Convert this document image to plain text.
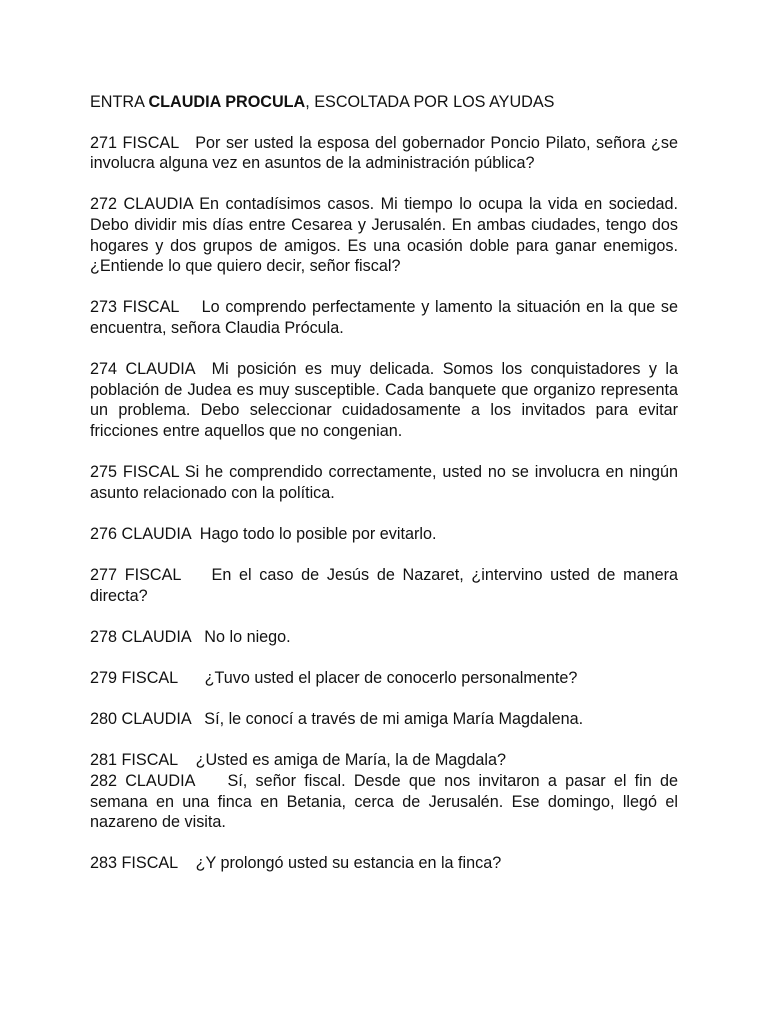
ENTRA CLAUDIA PROCULA, ESCOLTADA POR LOS AYUDAS

271 FISCAL   Por ser usted la esposa del gobernador Poncio Pilato, señora ¿se involucra alguna vez en asuntos de la administración pública?

272 CLAUDIA En contadísimos casos. Mi tiempo lo ocupa la vida en sociedad. Debo dividir mis días entre Cesarea y Jerusalén. En ambas ciudades, tengo dos hogares y dos grupos de amigos. Es una ocasión doble para ganar enemigos. ¿Entiende lo que quiero decir, señor fiscal?

273 FISCAL    Lo comprendo perfectamente y lamento la situación en la que se encuentra, señora Claudia Prócula.

274 CLAUDIA  Mi posición es muy delicada. Somos los conquistadores y la población de Judea es muy susceptible. Cada banquete que organizo representa un problema. Debo seleccionar cuidadosamente a los invitados para evitar fricciones entre aquellos que no congenian.

275 FISCAL Si he comprendido correctamente, usted no se involucra en ningún asunto relacionado con la política.

276 CLAUDIA  Hago todo lo posible por evitarlo.

277 FISCAL    En el caso de Jesús de Nazaret, ¿intervino usted de manera directa?

278 CLAUDIA   No lo niego.

279 FISCAL      ¿Tuvo usted el placer de conocerlo personalmente?

280 CLAUDIA   Sí, le conocí a través de mi amiga María Magdalena.

281 FISCAL    ¿Usted es amiga de María, la de Magdala?

282 CLAUDIA    Sí, señor fiscal. Desde que nos invitaron a pasar el fin de semana en una finca en Betania, cerca de Jerusalén. Ese domingo, llegó el nazareno de visita.

283 FISCAL    ¿Y prolongó usted su estancia en la finca?
